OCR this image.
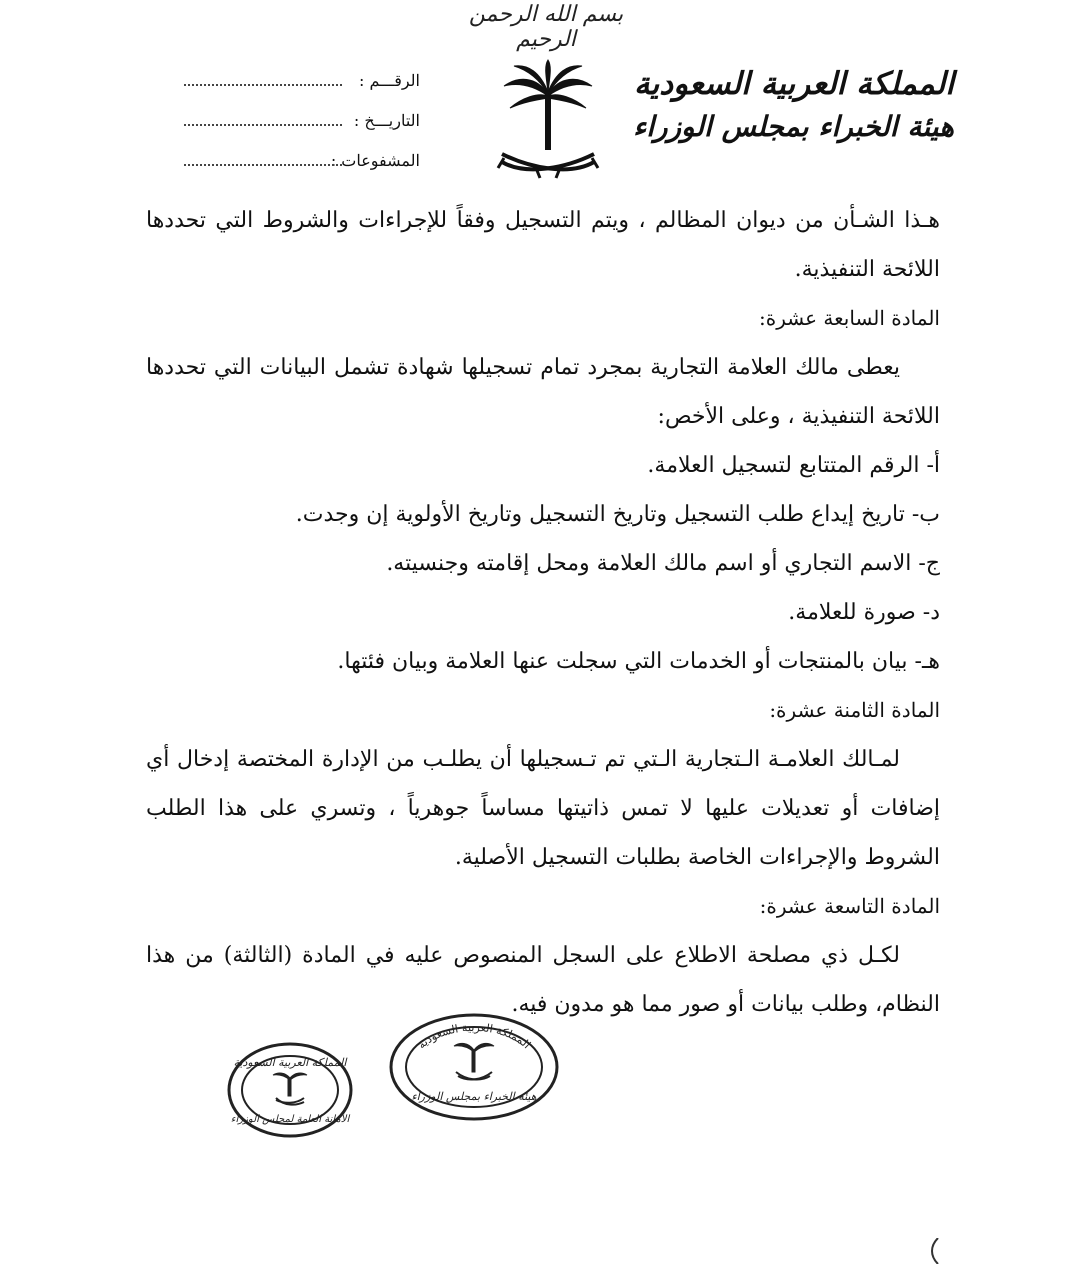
بسم الله الرحمن الرحيم
المملكة العربية السعودية
هيئة الخبراء بمجلس الوزراء
الرقـــم :
التاريـــخ :
المشفوعات :

هـذا الشـأن من ديوان المظالم ، ويتم التسجيل وفقاً للإجراءات والشروط التي تحددها اللائحة التنفيذية.

المادة السابعة عشرة:

يعطى مالك العلامة التجارية بمجرد تمام تسجيلها شهادة تشمل البيانات التي تحددها اللائحة التنفيذية ، وعلى الأخص:

أ- الرقم المتتابع لتسجيل العلامة.

ب- تاريخ إيداع طلب التسجيل وتاريخ التسجيل وتاريخ الأولوية إن وجدت.

ج- الاسم التجاري أو اسم مالك العلامة ومحل إقامته وجنسيته.

د- صورة للعلامة.

هـ- بيان بالمنتجات أو الخدمات التي سجلت عنها العلامة وبيان فئتها.

المادة الثامنة عشرة:

لمـالك العلامـة الـتجارية الـتي تم تـسجيلها أن يطلـب من الإدارة المختصة إدخال أي إضافات أو تعديلات عليها لا تمس ذاتيتها مساساً جوهرياً ، وتسري على هذا الطلب الشروط والإجراءات الخاصة بطلبات التسجيل الأصلية.

المادة التاسعة عشرة:

لكـل ذي مصلحة الاطلاع على السجل المنصوص عليه في المادة (الثالثة) من هذا النظام، وطلب بيانات أو صور مما هو مدون فيه.

المملكة العربية السعودية
هيئة الخبراء بمجلس الوزراء
المملكة العربية السعودية
الأمانة العامة لمجلس الوزراء
